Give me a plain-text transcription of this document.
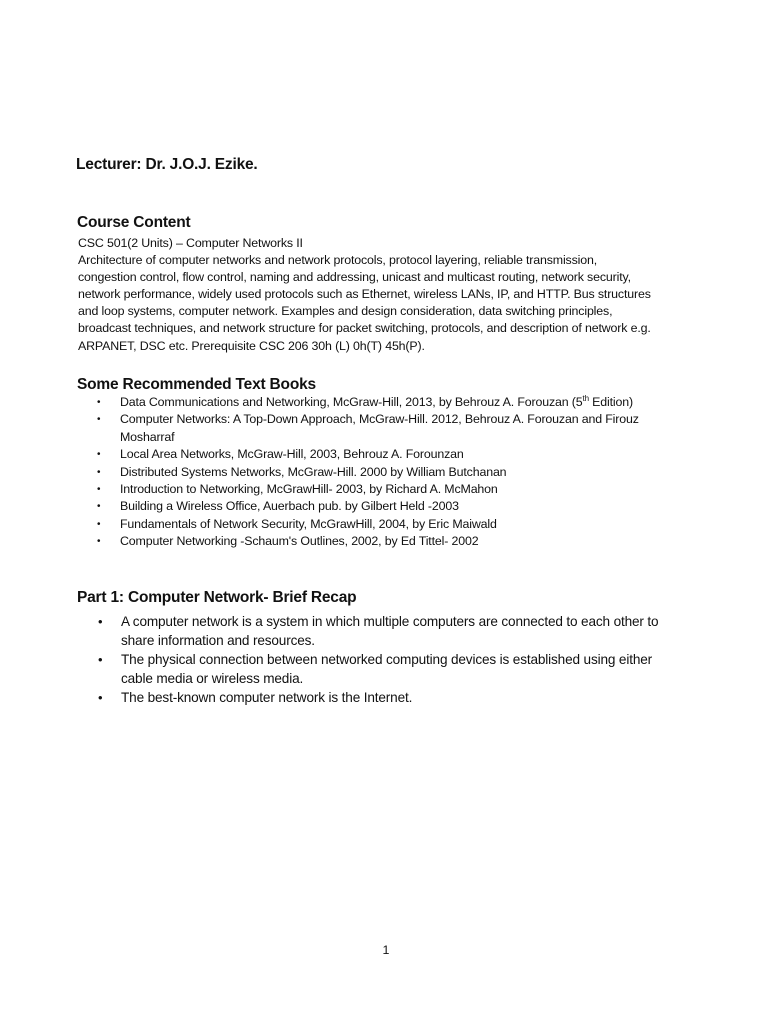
Lecturer: Dr. J.O.J. Ezike.
Course Content
CSC 501(2 Units) – Computer Networks II
Architecture of computer networks and network protocols, protocol layering, reliable transmission,
congestion control, flow control, naming and addressing, unicast and multicast routing, network security,
network performance, widely used protocols such as Ethernet, wireless LANs, IP, and HTTP. Bus structures
and loop systems, computer network. Examples and design consideration, data switching principles,
broadcast techniques, and network structure for packet switching, protocols, and description of network e.g.
ARPANET, DSC etc. Prerequisite CSC 206 30h (L) 0h(T) 45h(P).
Some Recommended Text Books
• Data Communications and Networking, McGraw-Hill, 2013, by Behrouz A. Forouzan (5th Edition)
• Computer Networks: A Top-Down Approach, McGraw-Hill. 2012, Behrouz A. Forouzan and Firouz
Mosharraf
• Local Area Networks, McGraw-Hill, 2003, Behrouz A. Forounzan
• Distributed Systems Networks, McGraw-Hill. 2000 by William Butchanan
• Introduction to Networking, McGrawHill- 2003, by Richard A. McMahon
• Building a Wireless Office, Auerbach pub. by Gilbert Held -2003
• Fundamentals of Network Security, McGrawHill, 2004, by Eric Maiwald
• Computer Networking -Schaum's Outlines, 2002, by Ed Tittel- 2002
Part 1: Computer Network- Brief Recap
• A computer network is a system in which multiple computers are connected to each other to
share information and resources.
• The physical connection between networked computing devices is established using either
cable media or wireless media.
• The best-known computer network is the Internet.
1
